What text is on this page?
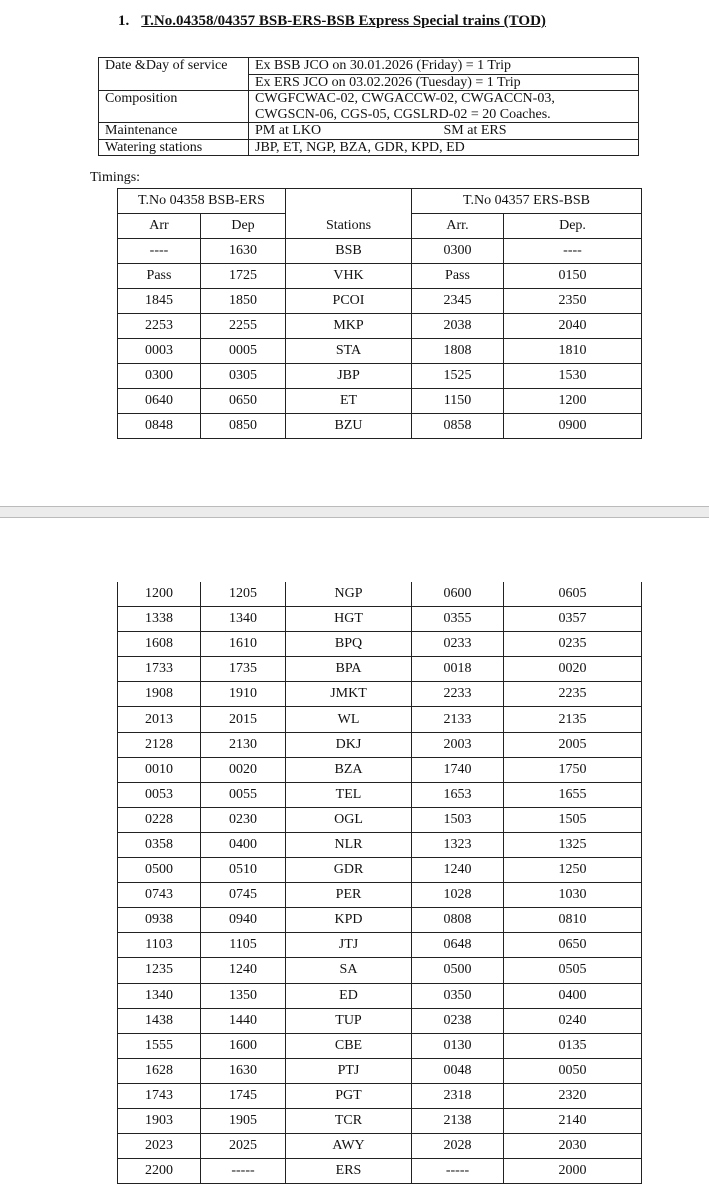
1. T.No.04358/04357 BSB-ERS-BSB Express Special trains (TOD)
Date &Day of service	Ex BSB JCO on 30.01.2026 (Friday) = 1 Trip
Ex ERS JCO on 03.02.2026 (Tuesday) = 1 Trip

Composition	CWGFCWAC-02, CWGACCW-02, CWGACCN-03,
CWGSCN-06, CGS-05, CGSLRD-02 = 20 Coaches.

Maintenance	PM at LKO SM at ERS

Watering stations	JBP, ET, NGP, BZA, GDR, KPD, ED
Timings:
T.No 04358 BSB-ERS			T.No 04357 ERS-BSB	
Arr	Dep	Stations	Arr.	Dep.
----	1630	BSB	0300	----
Pass	1725	VHK	Pass	0150
1845	1850	PCOI	2345	2350
2253	2255	MKP	2038	2040
0003	0005	STA	1808	1810
0300	0305	JBP	1525	1530
0640	0650	ET	1150	1200
0848	0850	BZU	0858	0900
1200	1205	NGP	0600	0605
1338	1340	HGT	0355	0357
1608	1610	BPQ	0233	0235
1733	1735	BPA	0018	0020
1908	1910	JMKT	2233	2235
2013	2015	WL	2133	2135
2128	2130	DKJ	2003	2005
0010	0020	BZA	1740	1750
0053	0055	TEL	1653	1655
0228	0230	OGL	1503	1505
0358	0400	NLR	1323	1325
0500	0510	GDR	1240	1250
0743	0745	PER	1028	1030
0938	0940	KPD	0808	0810
1103	1105	JTJ	0648	0650
1235	1240	SA	0500	0505
1340	1350	ED	0350	0400
1438	1440	TUP	0238	0240
1555	1600	CBE	0130	0135
1628	1630	PTJ	0048	0050
1743	1745	PGT	2318	2320
1903	1905	TCR	2138	2140
2023	2025	AWY	2028	2030
2200	-----	ERS	-----	2000
